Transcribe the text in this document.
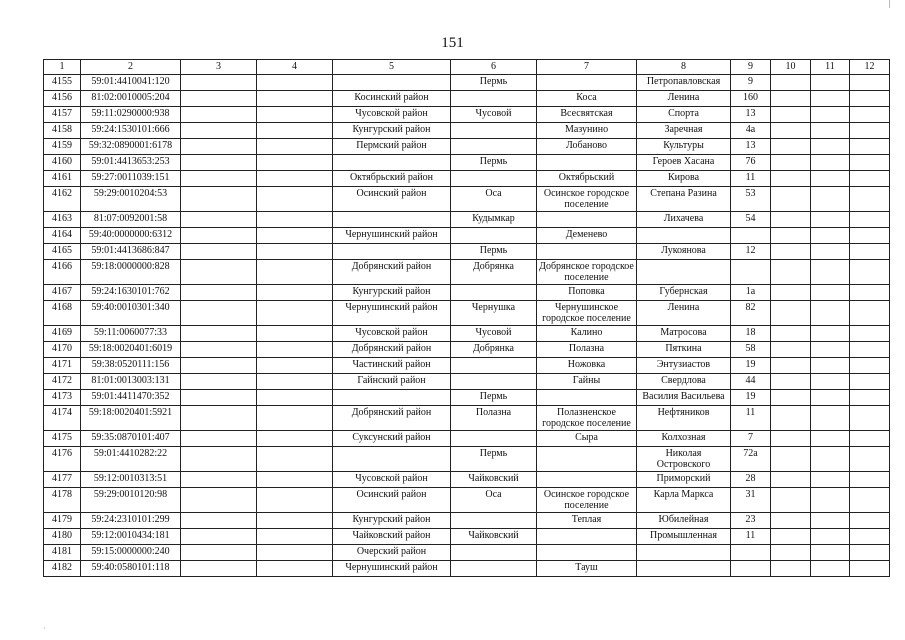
151
1	2	3	4	5	6	7	8	9	10	11	12
4155	59:01:4410041:120				Пермь		Петропавловская	9			
4156	81:02:0010005:204			Косинский район		Коса	Ленина	160			
4157	59:11:0290000:938			Чусовской район	Чусовой	Всесвятская	Спорта	13			
4158	59:24:1530101:666			Кунгурский район		Мазунино	Заречная	4а			
4159	59:32:0890001:6178			Пермский район		Лобаново	Культуры	13			
4160	59:01:4413653:253				Пермь		Героев Хасана	76			
4161	59:27:0011039:151			Октябрьский район		Октябрьский	Кирова	11			
4162	59:29:0010204:53			Осинский район	Оса	Осинское городское поселение	Степана Разина	53			
4163	81:07:0092001:58				Кудымкар		Лихачева	54			
4164	59:40:0000000:6312			Чернушинский район		Деменево					
4165	59:01:4413686:847				Пермь		Лукоянова	12			
4166	59:18:0000000:828			Добрянский район	Добрянка	Добрянское городское поселение					
4167	59:24:1630101:762			Кунгурский район		Поповка	Губернская	1а			
4168	59:40:0010301:340			Чернушинский район	Чернушка	Чернушинское городское поселение	Ленина	82			
4169	59:11:0060077:33			Чусовской район	Чусовой	Калино	Матросова	18			
4170	59:18:0020401:6019			Добрянский район	Добрянка	Полазна	Пяткина	58			
4171	59:38:0520111:156			Частинский район		Ножовка	Энтузиастов	19			
4172	81:01:0013003:131			Гайнский район		Гайны	Свердлова	44			
4173	59:01:4411470:352				Пермь		Василия Васильева	19			
4174	59:18:0020401:5921			Добрянский район	Полазна	Полазненское городское поселение	Нефтяников	11			
4175	59:35:0870101:407			Суксунский район		Сыра	Колхозная	7			
4176	59:01:4410282:22				Пермь		Николая Островского	72а			
4177	59:12:0010313:51			Чусовской район	Чайковский		Приморский	28			
4178	59:29:0010120:98			Осинский район	Оса	Осинское городское поселение	Карла Маркса	31			
4179	59:24:2310101:299			Кунгурский район		Теплая	Юбилейная	23			
4180	59:12:0010434:181			Чайковский район	Чайковский		Промышленная	11			
4181	59:15:0000000:240			Очерский район							
4182	59:40:0580101:118			Чернушинский район		Тауш					
'
